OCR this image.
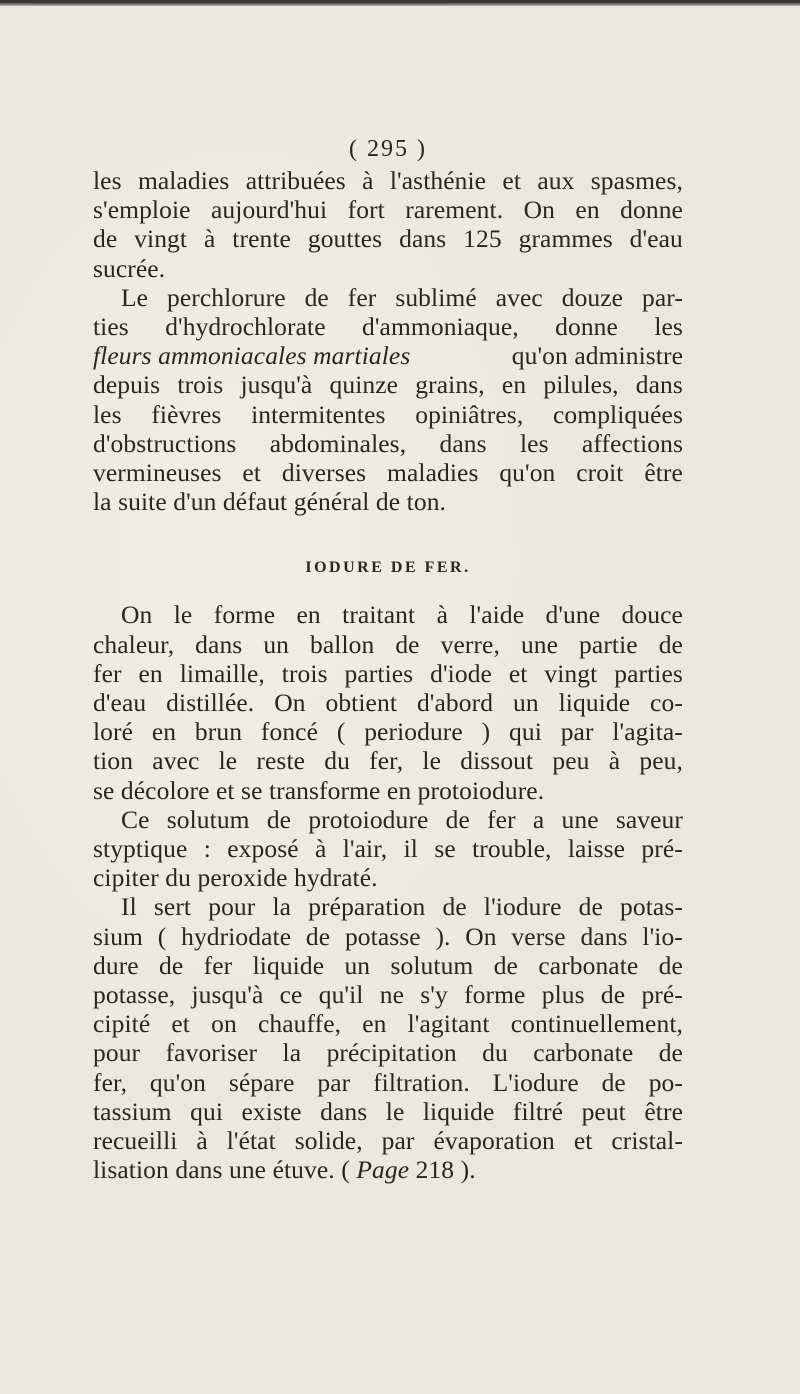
( 295 )

les maladies attribuées à l'asthénie et aux spasmes,
s'emploie aujourd'hui fort rarement. On en donne
de vingt à trente gouttes dans 125 grammes d'eau
sucrée.

Le perchlorure de fer sublimé avec douze par-
ties d'hydrochlorate d'ammoniaque, donne les
fleurs ammoniacales martiales	qu'on administre
depuis trois jusqu'à quinze grains, en pilules, dans
les fièvres intermitentes opiniâtres, compliquées
d'obstructions abdominales, dans les affections
vermineuses et diverses maladies qu'on croit être
la suite d'un défaut général de ton.

IODURE DE FER.

On le forme en traitant à l'aide d'une douce
chaleur, dans un ballon de verre, une partie de
fer en limaille, trois parties d'iode et vingt parties
d'eau distillée. On obtient d'abord un liquide co-
loré en brun foncé ( periodure ) qui par l'agita-
tion avec le reste du fer, le dissout peu à peu,
se décolore et se transforme en protoiodure.

Ce solutum de protoiodure de fer a une saveur
styptique : exposé à l'air, il se trouble, laisse pré-
cipiter du peroxide hydraté.

Il sert pour la préparation de l'iodure de potas-
sium ( hydriodate de potasse ). On verse dans l'io-
dure de fer liquide un solutum de carbonate de
potasse, jusqu'à ce qu'il ne s'y forme plus de pré-
cipité et on chauffe, en l'agitant continuellement,
pour favoriser la précipitation du carbonate de
fer, qu'on sépare par filtration. L'iodure de po-
tassium qui existe dans le liquide filtré peut être
recueilli à l'état solide, par évaporation et cristal-
lisation dans une étuve. ( Page 218 ).
